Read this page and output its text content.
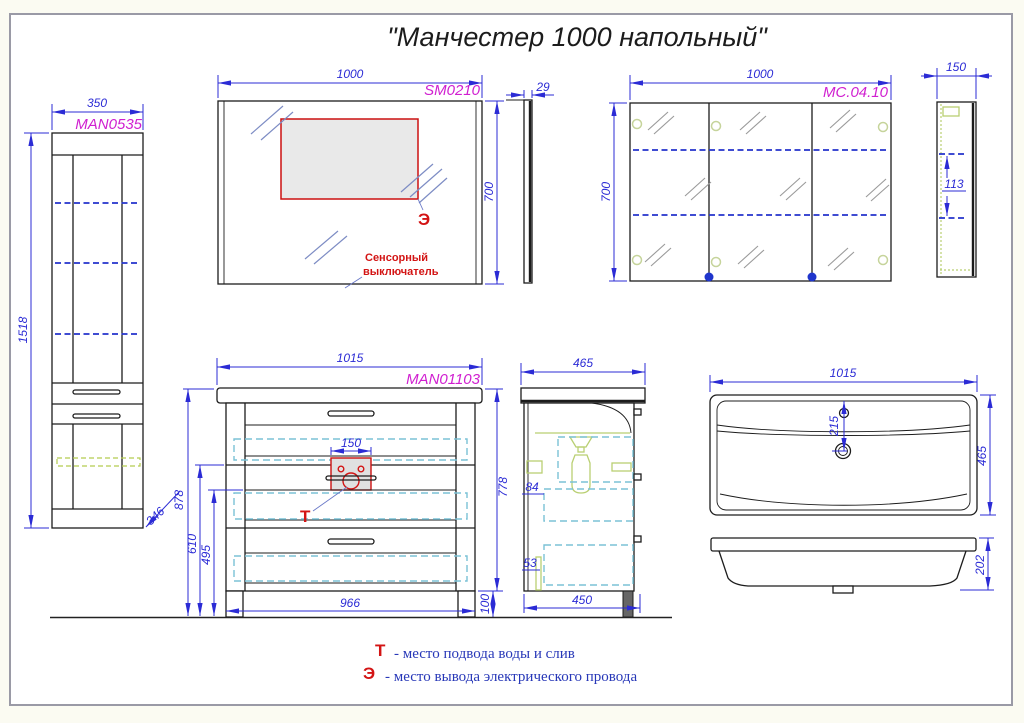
"Манчестер 1000 напольный"
350
MAN0535
1518
346
1000
SM0210
700
Э
Сенсорный
выключатель
29
1000
MC.04.10
700
150
113
1015
MAN01103
878
610
495
778
100
966
150
Т
465
84
53
450
1015
465
215
202
Т - место подвода воды и слив
Э - место вывода электрического провода
